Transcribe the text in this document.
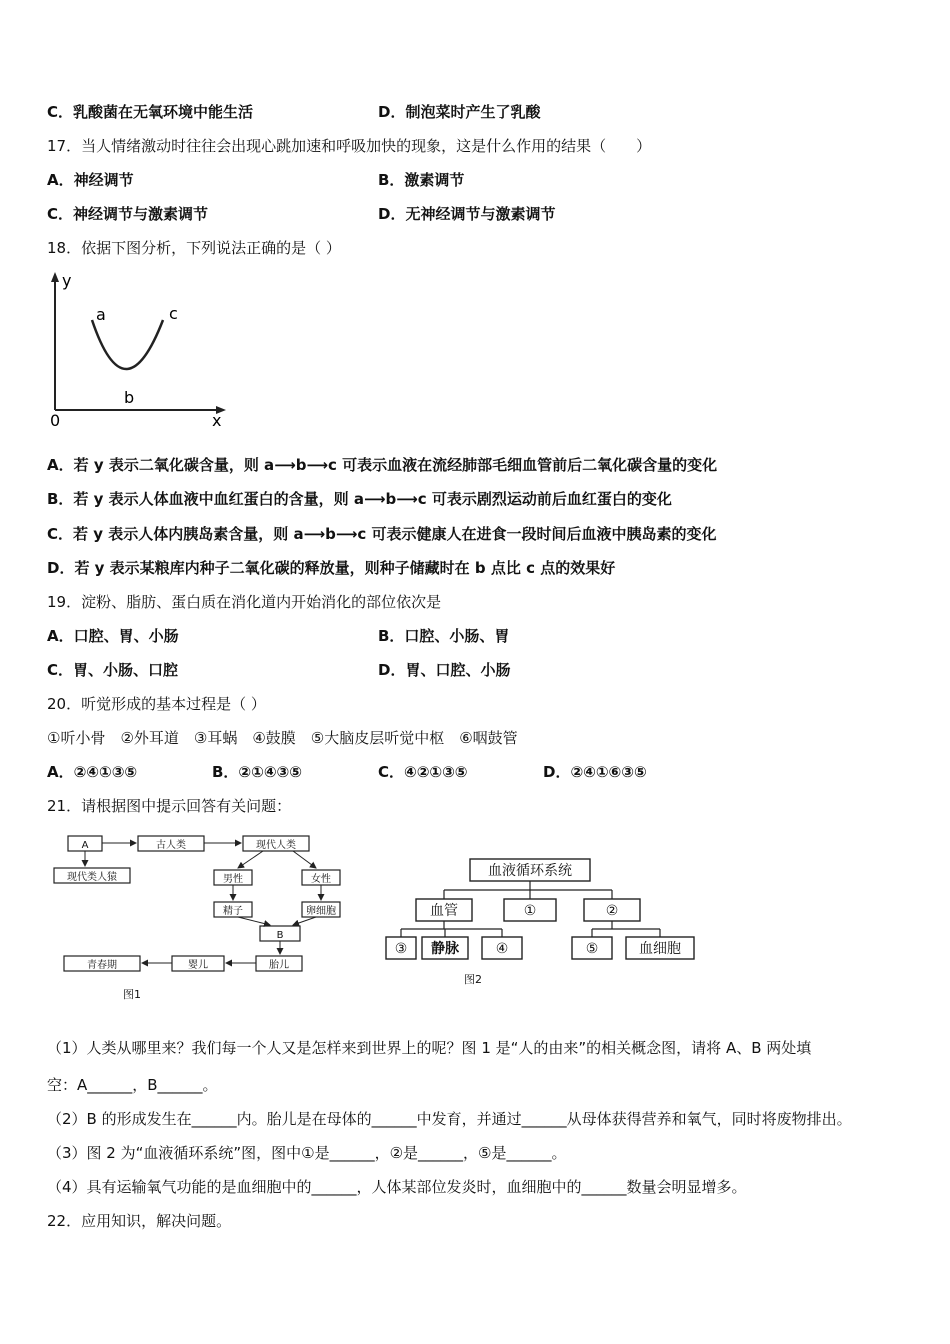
C．乳酸菌在无氧环境中能生活	D．制泡菜时产生了乳酸
17．当人情绪激动时往往会出现心跳加速和呼吸加快的现象，这是什么作用的结果（　　）
A．神经调节	B．激素调节
C．神经调节与激素调节	D．无神经调节与激素调节
18．依据下图分析，下列说法正确的是（ ）
y
x
0
a
b
c
A．若 y 表示二氧化碳含量，则 a⟶b⟶c 可表示血液在流经肺部毛细血管前后二氧化碳含量的变化
B．若 y 表示人体血液中血红蛋白的含量，则 a⟶b⟶c 可表示剧烈运动前后血红蛋白的变化
C．若 y 表示人体内胰岛素含量，则 a⟶b⟶c 可表示健康人在进食一段时间后血液中胰岛素的变化
D．若 y 表示某粮库内种子二氧化碳的释放量，则种子储藏时在 b 点比 c 点的效果好
19．淀粉、脂肪、蛋白质在消化道内开始消化的部位依次是
A．口腔、胃、小肠	B．口腔、小肠、胃
C．胃、小肠、口腔	D．胃、口腔、小肠
20．听觉形成的基本过程是（ ）
①听小骨　②外耳道　③耳蜗　④鼓膜　⑤大脑皮层听觉中枢　⑥咽鼓管
A．②④①③⑤	B．②①④③⑤	C．④②①③⑤	D．②④①⑥③⑤
21．请根据图中提示回答有关问题：
A	古人类	现代人类
现代类人猿	男性	女性
精子	卵细胞
B
胎儿
婴儿
青春期
图1
血液循环系统
血管	①	②
③ 静脉	④	⑤	血细胞
图2
（1）人类从哪里来？我们每一个人又是怎样来到世界上的呢？图 1 是“人的由来”的相关概念图，请将 A、B 两处填
空：A______，B______。
（2）B 的形成发生在______内。胎儿是在母体的______中发育，并通过______从母体获得营养和氧气，同时将废物排出。
（3）图 2 为“血液循环系统”图，图中①是______，②是______，⑤是______。
（4）具有运输氧气功能的是血细胞中的______，人体某部位发炎时，血细胞中的______数量会明显增多。
22．应用知识，解决问题。
